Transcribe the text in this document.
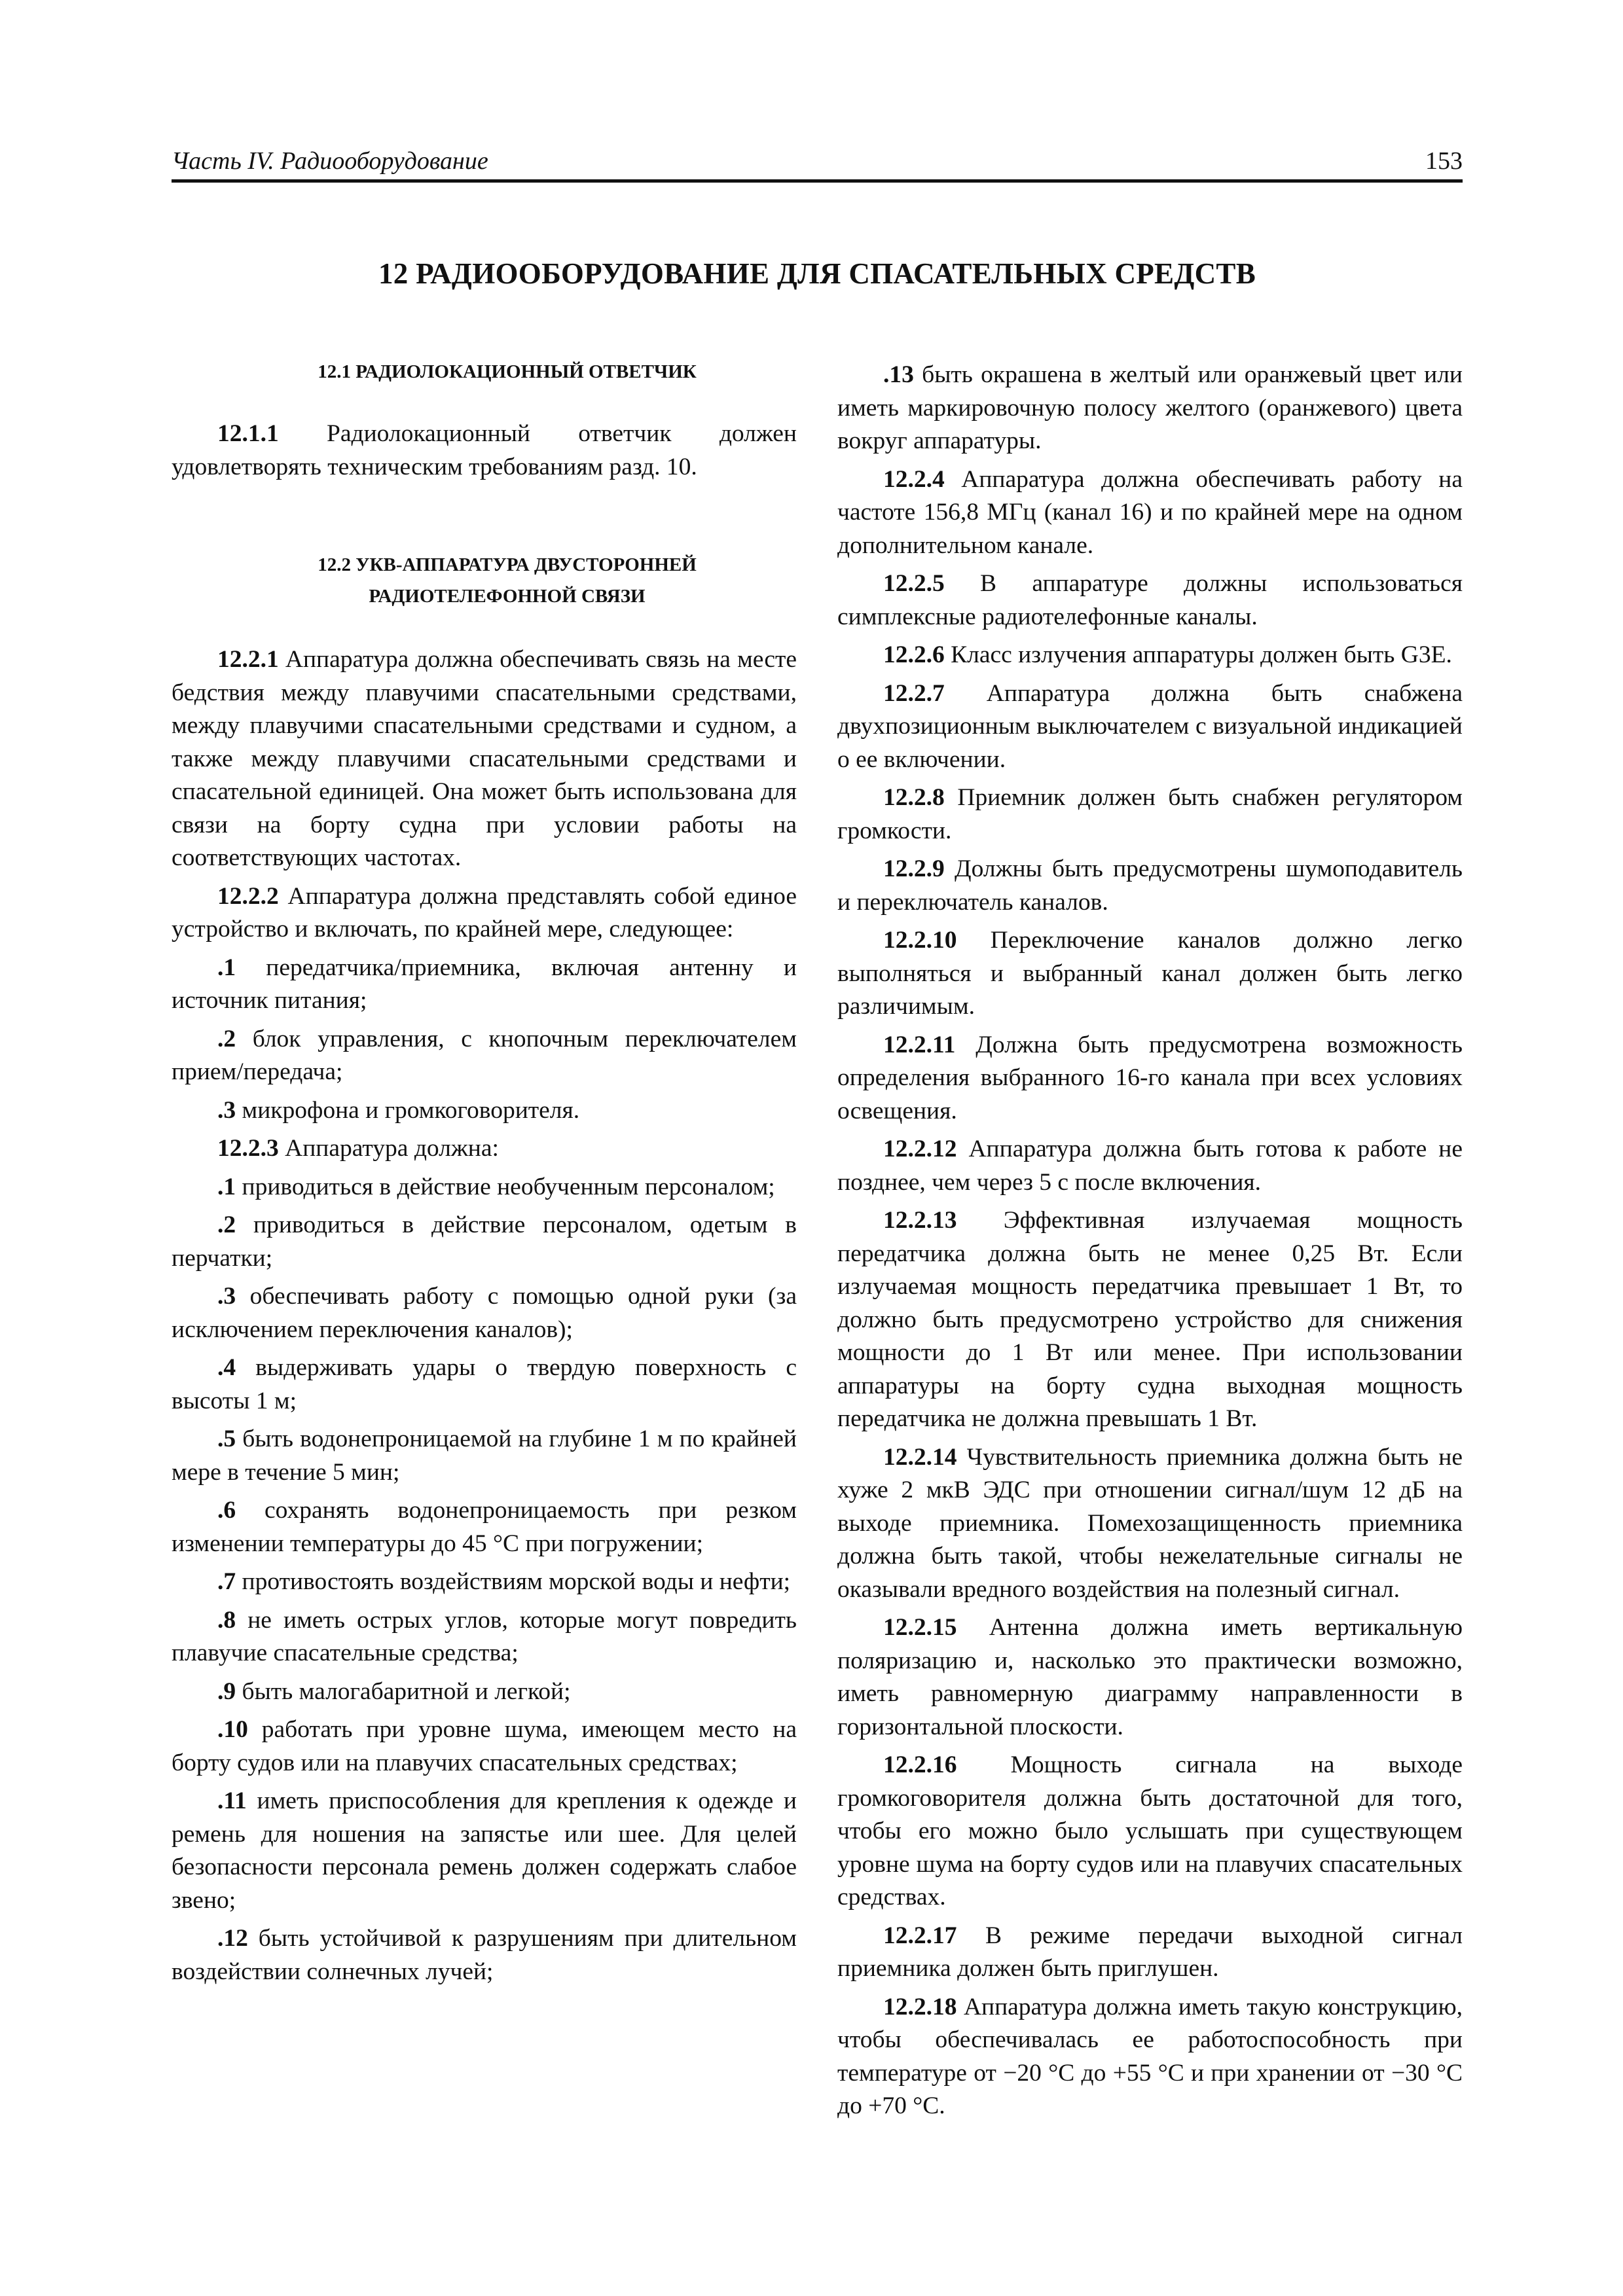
Часть IV. Радиооборудование	153
12 РАДИООБОРУДОВАНИЕ ДЛЯ СПАСАТЕЛЬНЫХ СРЕДСТВ

12.1 РАДИОЛОКАЦИОННЫЙ ОТВЕТЧИК

12.1.1 Радиолокационный ответчик должен удовлетворять техническим требованиям разд. 10.

12.2 УКВ-АППАРАТУРА ДВУСТОРОННЕЙ

РАДИОТЕЛЕФОННОЙ СВЯЗИ

12.2.1 Аппаратура должна обеспечивать связь на месте бедствия между плавучими спасательными средствами, между плавучими спасательными средствами и судном, а также между плавучими спасательными средствами и спасательной единицей. Она может быть использована для связи на борту судна при условии работы на соответствующих частотах.

12.2.2 Аппаратура должна представлять собой единое устройство и включать, по крайней мере, следующее:

.1 передатчика/приемника, включая антенну и источник питания;

.2 блок управления, с кнопочным переключателем прием/передача;

.3 микрофона и громкоговорителя.

12.2.3 Аппаратура должна:

.1 приводиться в действие необученным персоналом;

.2 приводиться в действие персоналом, одетым в перчатки;

.3 обеспечивать работу с помощью одной руки (за исключением переключения каналов);

.4 выдерживать удары о твердую поверхность с высоты 1 м;

.5 быть водонепроницаемой на глубине 1 м по крайней мере в течение 5 мин;

.6 сохранять водонепроницаемость при резком изменении температуры до 45 °С при погружении;

.7 противостоять воздействиям морской воды и нефти;

.8 не иметь острых углов, которые могут повредить плавучие спасательные средства;

.9 быть малогабаритной и легкой;

.10 работать при уровне шума, имеющем место на борту судов или на плавучих спасательных средствах;

.11 иметь приспособления для крепления к одежде и ремень для ношения на запястье или шее. Для целей безопасности персонала ремень должен содержать слабое звено;

.12 быть устойчивой к разрушениям при длительном воздействии солнечных лучей;

.13 быть окрашена в желтый или оранжевый цвет или иметь маркировочную полосу желтого (оранжевого) цвета вокруг аппаратуры.

12.2.4 Аппаратура должна обеспечивать работу на частоте 156,8 МГц (канал 16) и по крайней мере на одном дополнительном канале.

12.2.5 В аппаратуре должны использоваться симплексные радиотелефонные каналы.

12.2.6 Класс излучения аппаратуры должен быть G3E.

12.2.7 Аппаратура должна быть снабжена двухпозиционным выключателем с визуальной индикацией о ее включении.

12.2.8 Приемник должен быть снабжен регулятором громкости.

12.2.9 Должны быть предусмотрены шумоподавитель и переключатель каналов.

12.2.10 Переключение каналов должно легко выполняться и выбранный канал должен быть легко различимым.

12.2.11 Должна быть предусмотрена возможность определения выбранного 16-го канала при всех условиях освещения.

12.2.12 Аппаратура должна быть готова к работе не позднее, чем через 5 с после включения.

12.2.13 Эффективная излучаемая мощность передатчика должна быть не менее 0,25 Вт. Если излучаемая мощность передатчика превышает 1 Вт, то должно быть предусмотрено устройство для снижения мощности до 1 Вт или менее. При использовании аппаратуры на борту судна выходная мощность передатчика не должна превышать 1 Вт.

12.2.14 Чувствительность приемника должна быть не хуже 2 мкВ ЭДС при отношении сигнал/шум 12 дБ на выходе приемника. Помехозащищенность приемника должна быть такой, чтобы нежелательные сигналы не оказывали вредного воздействия на полезный сигнал.

12.2.15 Антенна должна иметь вертикальную поляризацию и, насколько это практически возможно, иметь равномерную диаграмму направленности в горизонтальной плоскости.

12.2.16 Мощность сигнала на выходе громкоговорителя должна быть достаточной для того, чтобы его можно было услышать при существующем уровне шума на борту судов или на плавучих спасательных средствах.

12.2.17 В режиме передачи выходной сигнал приемника должен быть приглушен.

12.2.18 Аппаратура должна иметь такую конструкцию, чтобы обеспечивалась ее работоспособность при температуре от −20 °С до +55 °С и при хранении от −30 °С до +70 °С.
